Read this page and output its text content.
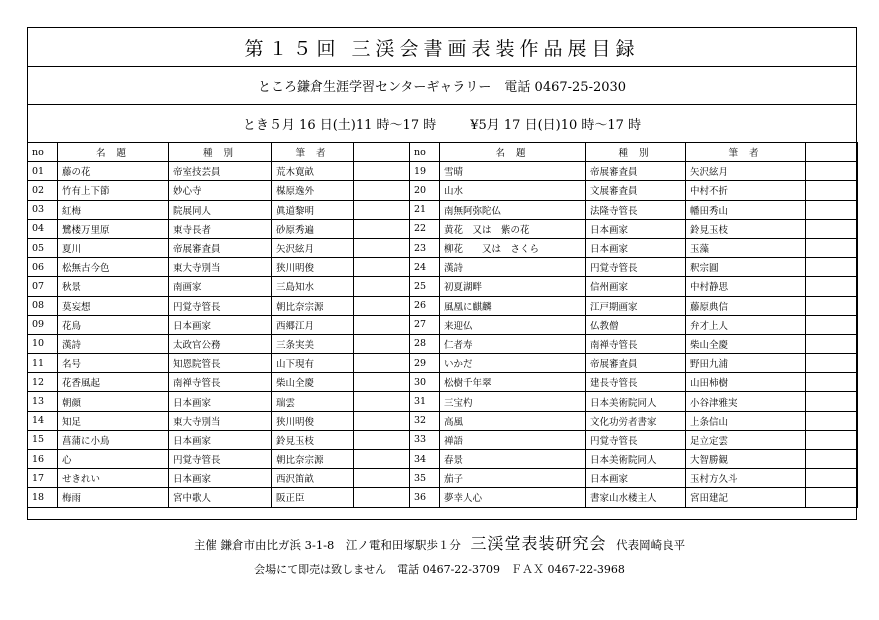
第１５回 三渓会書画表装作品展目録
ところ鎌倉生涯学習センターギャラリー　電話 0467-25-2030
とき５月 16 日(土)11 時〜17 時	¥5月 17 日(日)10 時〜17 時
no	名 題	種 別	筆 者		no	名 題	種 別	筆 者	
01	藤の花	帝室技芸員	荒木寛畝		19	雪晴	帝展審査員	矢沢絃月	
02	竹有上下節	妙心寺	楳原逸外		20	山水	文展審査員	中村不折	
03	紅梅	院展同人	眞道黎明		21	南無阿弥陀仏	法隆寺管長	幡田秀山	
04	鷺楼万里原	東寺長者	砂原秀遍		22	黄花　又は　紫の花	日本画家	鈴見玉枝	
05	夏川	帝展審査員	矢沢絃月		23	柳花　　又は　さくら	日本画家	玉藻	
06	松無古今色	東大寺別当	狭川明俊		24	漢詩	円覚寺管長	釈宗圓	
07	秋景	南画家	三島知水		25	初夏湖畔	信州画家	中村静思	
08	莫妄想	円覚寺管長	朝比奈宗源		26	風凰に麒麟	江戸期画家	藤原典信	
09	花鳥	日本画家	西郷江月		27	来迎仏	仏教僧	弁才上人	
10	漢詩	太政官公務	三条実美		28	仁者寿	南禅寺管長	柴山全慶	
11	名号	知恩院管長	山下現有		29	いかだ	帝展審査員	野田九浦	
12	花香風起	南禅寺管長	柴山全慶		30	松樹千年翠	建長寺管長	山田柿樹	
13	朝顔	日本画家	瑞雲		31	三宝杓	日本美術院同人	小谷津雅実	
14	知足	東大寺別当	狭川明俊		32	高風	文化功労者書家	上条信山	
15	菖蒲に小鳥	日本画家	鈴見玉枝		33	禅語	円覚寺管長	足立定雲	
16	心	円覚寺管長	朝比奈宗源		34	春景	日本美術院同人	大智勝観	
17	せきれい	日本画家	西沢笛畝		35	茄子	日本画家	玉村方久斗	
18	梅雨	宮中歌人	阪正臣		36	夢幸人心	書家山水楼主人	宮田建記	
主催 鎌倉市由比ガ浜 3-1-8　江ノ電和田塚駅歩１分 三渓堂表装研究会 代表岡崎良平
会場にて即売は致しません　電話 0467-22-3709　ＦＡＸ 0467-22-3968
